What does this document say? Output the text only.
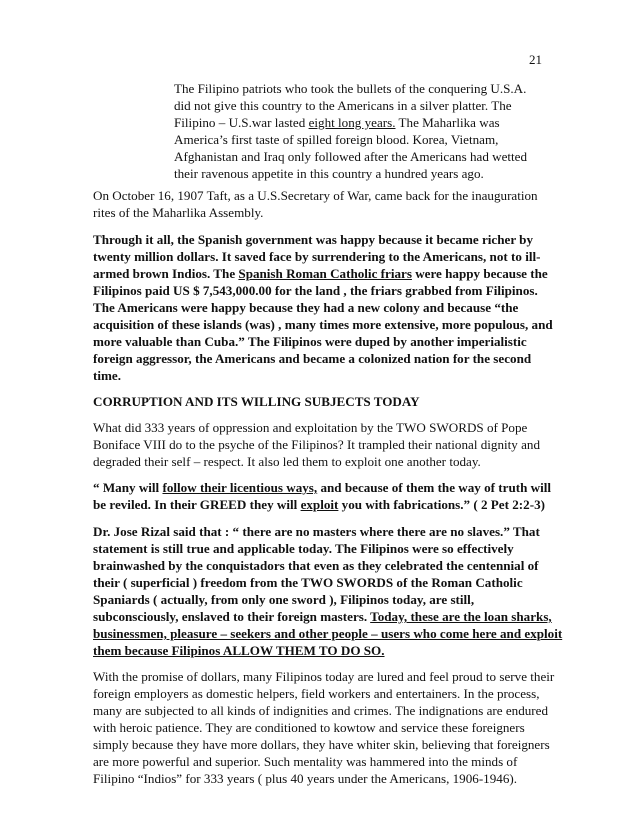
21
The Filipino patriots who took the bullets of the conquering U.S.A.
did not give this country to the Americans in a silver platter. The
Filipino – U.S.war lasted eight long years. The Maharlika was
America’s first taste of spilled foreign blood. Korea, Vietnam,
Afghanistan and Iraq only followed after the Americans had wetted
their ravenous appetite in this country a hundred years ago.
On October 16, 1907 Taft, as a U.S.Secretary of War, came back for the inauguration
rites of the Maharlika Assembly.
Through it all, the Spanish government was happy because it became richer by
twenty million dollars. It saved face by surrendering to the Americans, not to ill-
armed brown Indios. The Spanish Roman Catholic friars were happy because the
Filipinos paid US $ 7,543,000.00 for the land , the friars grabbed from Filipinos.
The Americans were happy because they had a new colony and because “the
acquisition of these islands (was) , many times more extensive, more populous, and
more valuable than Cuba.” The Filipinos were duped by another imperialistic
foreign aggressor, the Americans and became a colonized nation for the second
time.
CORRUPTION AND ITS WILLING SUBJECTS TODAY
What did 333 years of oppression and exploitation by the TWO SWORDS of Pope
Boniface VIII do to the psyche of the Filipinos? It trampled their national dignity and
degraded their self – respect. It also led them to exploit one another today.
“ Many will follow their licentious ways, and because of them the way of truth will
be reviled. In their GREED they will exploit you with fabrications.” ( 2 Pet 2:2-3)
Dr. Jose Rizal said that : “ there are no masters where there are no slaves.” That
statement is still true and applicable today. The Filipinos were so effectively
brainwashed by the conquistadors that even as they celebrated the centennial of
their ( superficial ) freedom from the TWO SWORDS of the Roman Catholic
Spaniards ( actually, from only one sword ), Filipinos today, are still,
subconsciously, enslaved to their foreign masters. Today, these are the loan sharks,
businessmen, pleasure – seekers and other people – users who come here and exploit
them because Filipinos ALLOW THEM TO DO SO.
With the promise of dollars, many Filipinos today are lured and feel proud to serve their
foreign employers as domestic helpers, field workers and entertainers. In the process,
many are subjected to all kinds of indignities and crimes. The indignations are endured
with heroic patience. They are conditioned to kowtow and service these foreigners
simply because they have more dollars, they have whiter skin, believing that foreigners
are more powerful and superior. Such mentality was hammered into the minds of
Filipino “Indios” for 333 years ( plus 40 years under the Americans, 1906-1946).
